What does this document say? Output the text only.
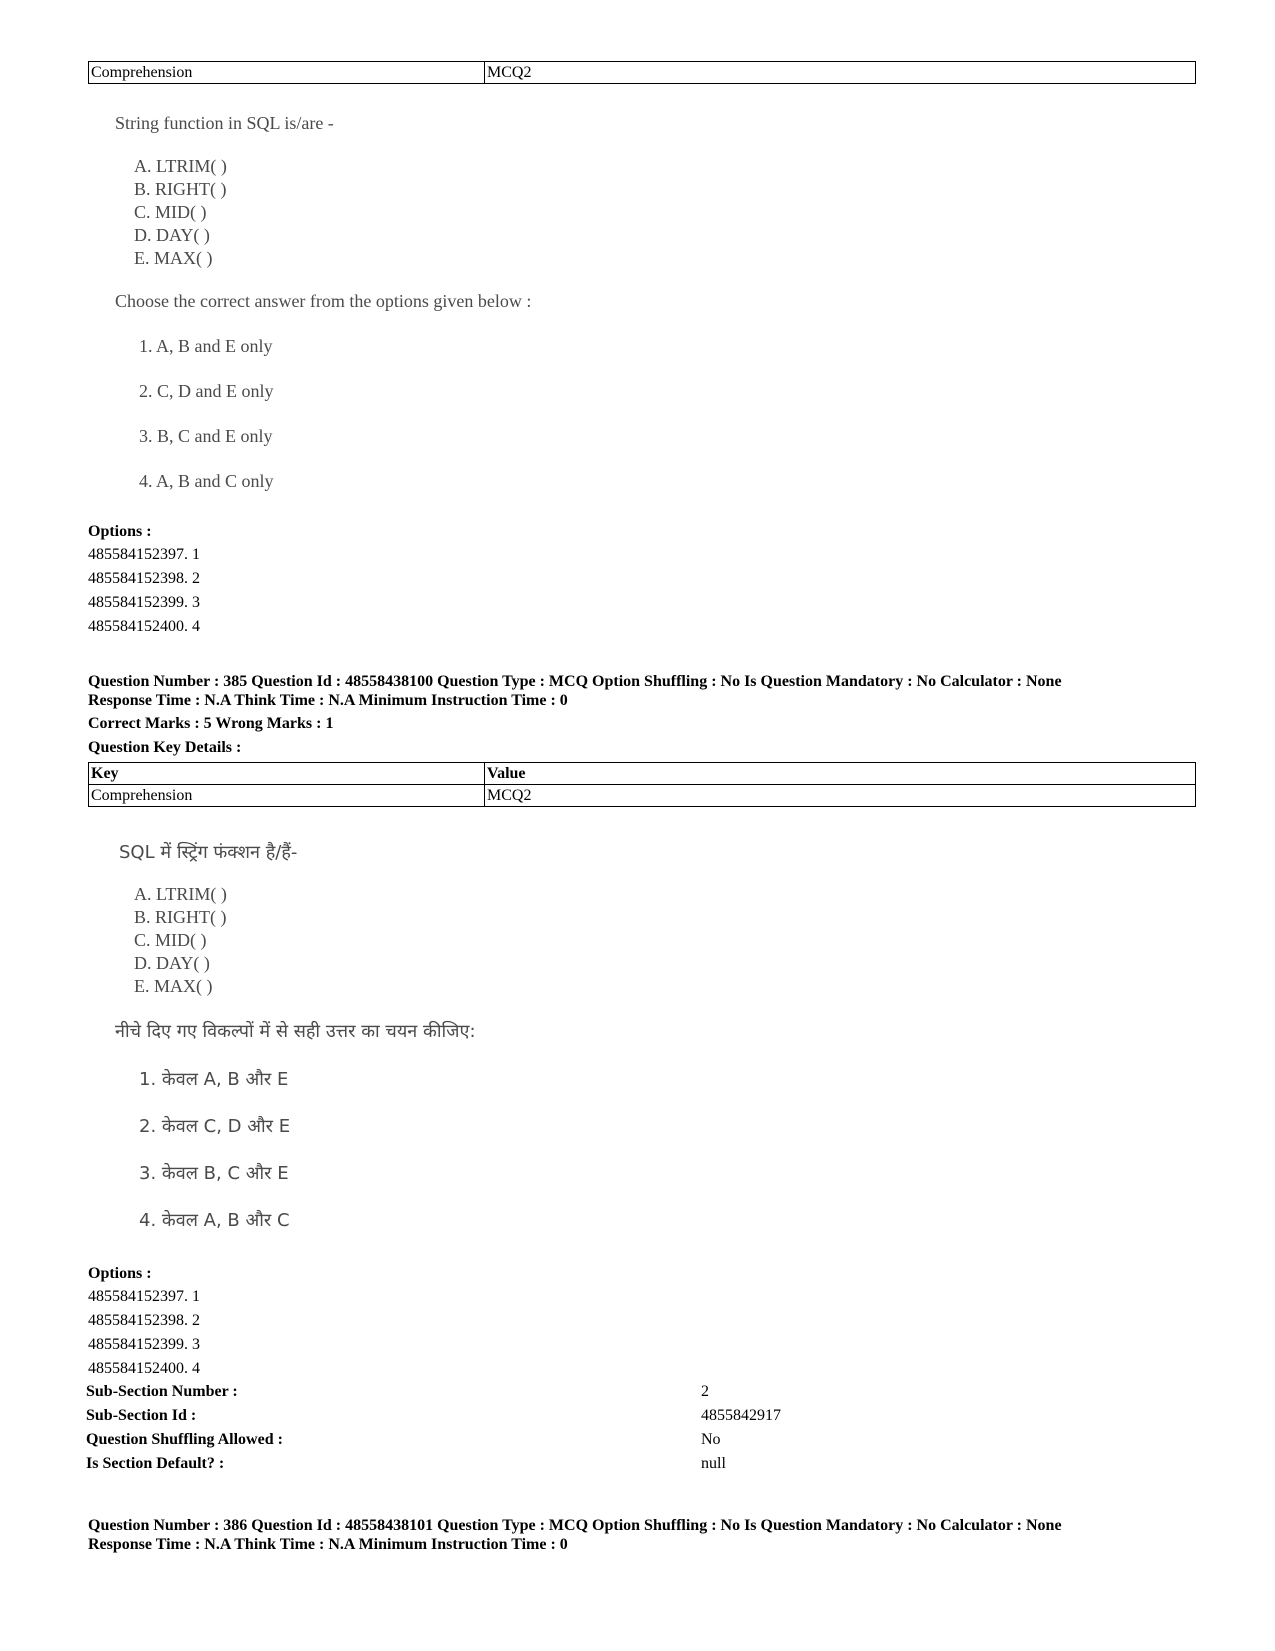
Comprehension	MCQ2
String function in SQL is/are -
A. LTRIM( )
B. RIGHT( )
C. MID( )
D. DAY( )
E. MAX( )
Choose the correct answer from the options given below :
1. A, B and E only
2. C, D and E only
3. B, C and E only
4. A, B and C only
Options :
485584152397. 1
485584152398. 2
485584152399. 3
485584152400. 4
Question Number : 385 Question Id : 48558438100 Question Type : MCQ Option Shuffling : No Is Question Mandatory : No Calculator : None
Response Time : N.A Think Time : N.A Minimum Instruction Time : 0
Correct Marks : 5 Wrong Marks : 1
Question Key Details :
Key	Value
Comprehension	MCQ2
SQL में स्ट्रिंग फंक्शन है/हैं-
A. LTRIM( )
B. RIGHT( )
C. MID( )
D. DAY( )
E. MAX( )
नीचे दिए गए विकल्पों में से सही उत्तर का चयन कीजिए:
1. केवल A, B और E
2. केवल C, D और E
3. केवल B, C और E
4. केवल A, B और C
Options :
485584152397. 1
485584152398. 2
485584152399. 3
485584152400. 4
Sub-Section Number :	2
Sub-Section Id :	4855842917
Question Shuffling Allowed :	No
Is Section Default? :	null
Question Number : 386 Question Id : 48558438101 Question Type : MCQ Option Shuffling : No Is Question Mandatory : No Calculator : None
Response Time : N.A Think Time : N.A Minimum Instruction Time : 0
